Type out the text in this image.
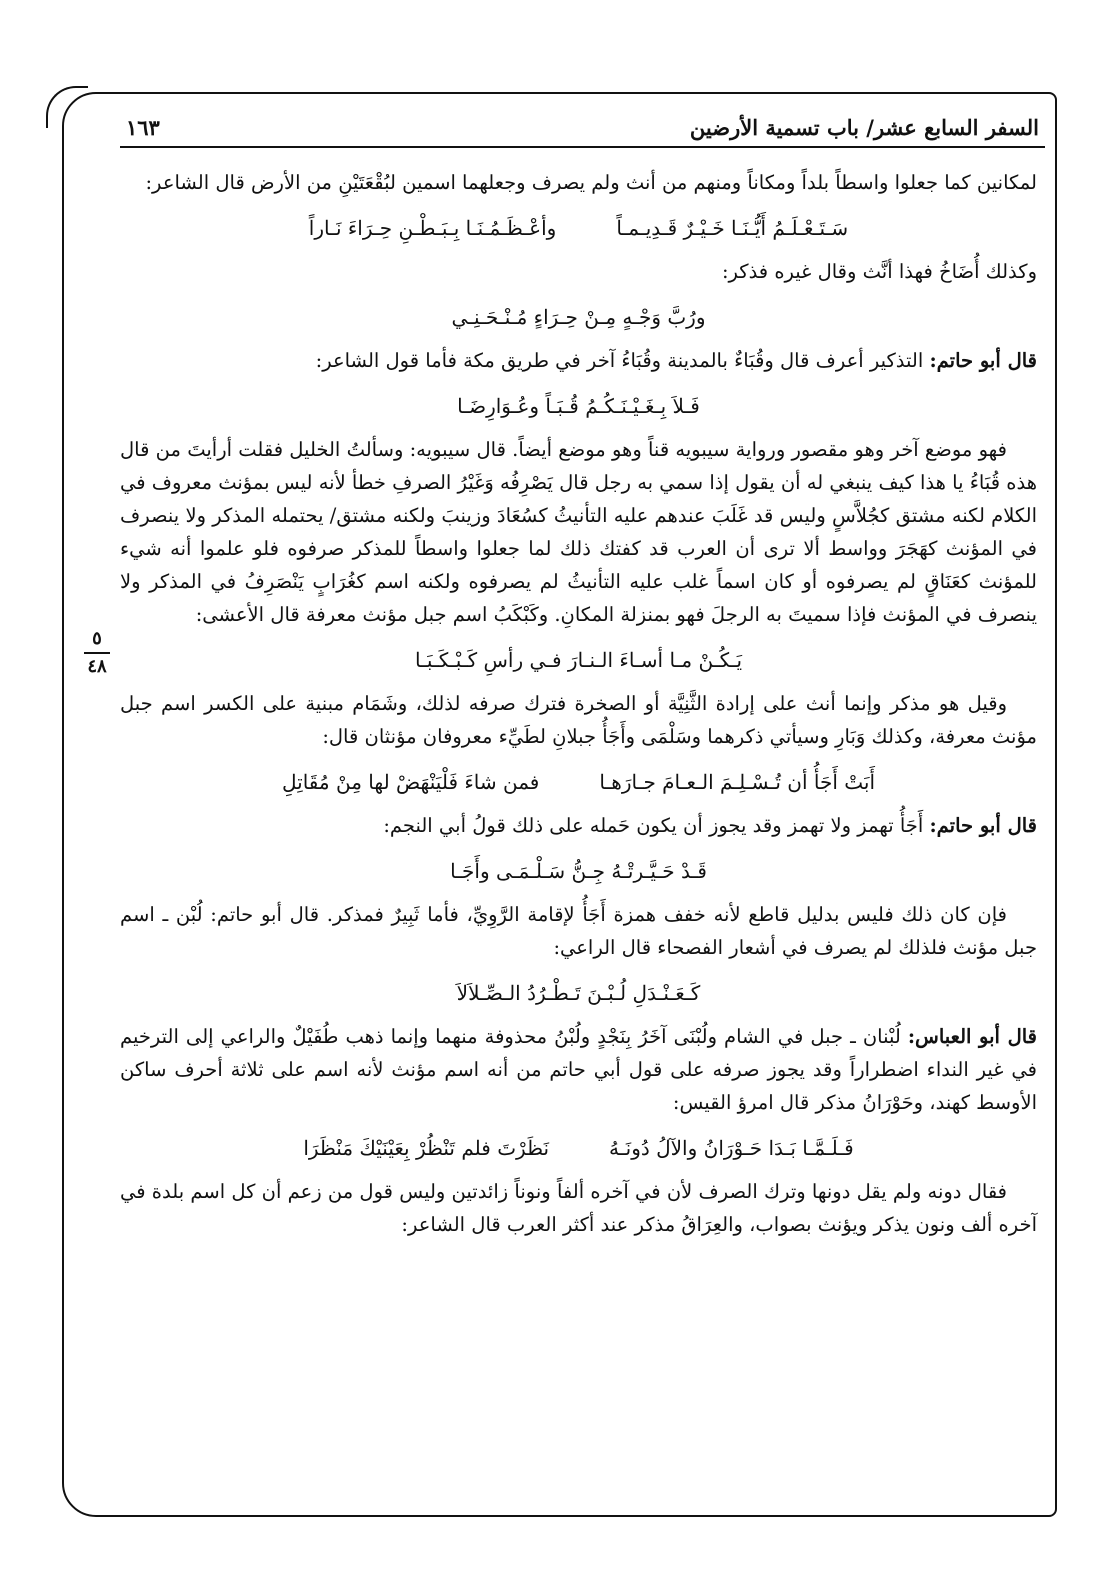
السفر السابع عشر/ باب تسمية الأرضين
١٦٣
٥
٤٨

لمكانين كما جعلوا واسطاً بلداً ومكاناً ومنهم من أنث ولم يصرف وجعلهما اسمين لبُقْعَتَيْنِ من الأرض قال الشاعر:

سَـتَـعْـلَـمُ أَيُّـنَـا خَـيْـرٌ قَـدِيـمـاً
وأعْـظَـمُـنَـا بِـبَـطْـنِ حِـرَاءَ نَـاراً

وكذلك أُضَاخُ فهذا أنَّث وقال غيره فذكر:

ورُبَّ وَجْـهٍ مِـنْ حِـرَاءٍ مُـنْـحَـنِـي

قال أبو حاتم: التذكير أعرف قال وقُبَاءٌ بالمدينة وقُبَاءُ آخر في طريق مكة فأما قول الشاعر:

فَـلاَ بِـغَـيْـنَـكُـمُ قُـبَـاً وعُـوَارِضَـا

فهو موضع آخر وهو مقصور ورواية سيبويه قناً وهو موضع أيضاً. قال سيبويه: وسألتُ الخليل فقلت أرأيتَ من قال هذه قُبَاءُ يا هذا كيف ينبغي له أن يقول إذا سمي به رجل قال يَصْرِفُه وَغَيْرُ الصرفِ خطأ لأنه ليس بمؤنث معروف في الكلام لكنه مشتق كجُلاَّسٍ وليس قد غَلَبَ عندهم عليه التأنيثُ كسُعَادَ وزينبَ ولكنه مشتق/ يحتمله المذكر ولا ينصرف في المؤنث كهَجَرَ وواسط ألا ترى أن العرب قد كفتك ذلك لما جعلوا واسطاً للمذكر صرفوه فلو علموا أنه شيء للمؤنث كعَنَاقٍ لم يصرفوه أو كان اسماً غلب عليه التأنيثُ لم يصرفوه ولكنه اسم كغُرَابٍ يَنْصَرِفُ في المذكر ولا ينصرف في المؤنث فإذا سميتَ به الرجلَ فهو بمنزلة المكانِ. وكَبْكَبُ اسم جبل مؤنث معرفة قال الأعشى:

يَـكُـنْ مـا أسـاءَ الـنـارَ فـي رأسِ كَـبْـكَـبَـا

وقيل هو مذكر وإنما أنث على إرادة الثَّنِيَّة أو الصخرة فترك صرفه لذلك، وشَمَام مبنية على الكسر اسم جبل مؤنث معرفة، وكذلك وَبَارِ وسيأتي ذكرهما وسَلْمَى وأَجَأُ جبلانِ لطَيِّء معروفان مؤنثان قال:

أَبَتْ أَجَأُ أن تُـسْـلِـمَ الـعـامَ جـارَهـا
فمن شاءَ فَلْيَنْهَضْ لها مِنْ مُقَاتِلِ

قال أبو حاتم: أَجَأُ تهمز ولا تهمز وقد يجوز أن يكون حَمله على ذلك قولُ أبي النجم:

قَـدْ حَـيَّـرتْـهُ جِـنُّ سَـلْـمَـى وأَجَـا

فإن كان ذلك فليس بدليل قاطع لأنه خفف همزة أَجَأُ لإقامة الرَّوِيِّ، فأما ثَبِيرٌ فمذكر. قال أبو حاتم: لُبْن ـ اسم جبل مؤنث فلذلك لم يصرف في أشعار الفصحاء قال الراعي:

كَـعَـنْـدَلِ لُـبْـنَ تَـطْـرُدُ الـصِّـلاَلاَ

قال أبو العباس: لُبْنان ـ جبل في الشام ولُبْنَى آخَرُ بِنَجْدٍ ولُبْنُ محذوفة منهما وإنما ذهب طُفَيْلٌ والراعي إلى الترخيم في غير النداء اضطراراً وقد يجوز صرفه على قول أبي حاتم من أنه اسم مؤنث لأنه اسم على ثلاثة أحرف ساكن الأوسط كهند، وحَوْرَانُ مذكر قال امرؤ القيس:

فَـلَـمَّـا بَـدَا حَـوْرَانُ والآلُ دُونَـهُ
نَظَرْتَ فلم تَنْظُرْ بِعَيْنَيْكَ مَنْظَرَا

فقال دونه ولم يقل دونها وترك الصرف لأن في آخره ألفاً ونوناً زائدتين وليس قول من زعم أن كل اسم بلدة في آخره ألف ونون يذكر ويؤنث بصواب، والعِرَاقُ مذكر عند أكثر العرب قال الشاعر:
